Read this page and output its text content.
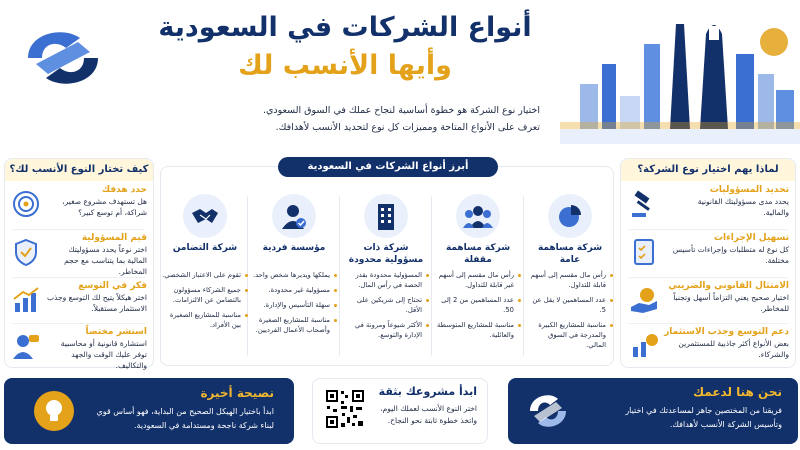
أنواع الشركات في السعودية
وأيها الأنسب لك
اختيار نوع الشركة هو خطوة أساسية لنجاح عملك في السوق السعودي.
تعرف على الأنواع المتاحة ومميزات كل نوع لتحديد الأنسب لأهدافك.
أبرز أنواع الشركات في السعودية
شركة مساهمة عامة
رأس مال مقسم إلى أسهم قابلة للتداول.
عدد المساهمين لا يقل عن 5.
مناسبة للمشاريع الكبيرة والمدرجة في السوق المالي.
شركة مساهمة مقفلة
رأس مال مقسم إلى أسهم غير قابلة للتداول.
عدد المساهمين من 2 إلى 50.
مناسبة للمشاريع المتوسطة والعائلية.
شركة ذات مسؤولية محدودة
المسؤولية محدودة بقدر الحصة في رأس المال.
تحتاج إلى شريكين على الأقل.
الأكثر شيوعاً ومرونة في الإدارة والتوسع.
مؤسسة فردية
يملكها ويديرها شخص واحد.
مسؤولية غير محدودة.
سهلة التأسيس والإدارة.
مناسبة للمشاريع الصغيرة وأصحاب الأعمال الفرديين.
شركة التضامن
تقوم على الاعتبار الشخصي.
جميع الشركاء مسؤولون بالتضامن عن الالتزامات.
مناسبة للمشاريع الصغيرة بين الأفراد.
كيف تختار النوع الأنسب لك؟
حدد هدفك
هل تستهدف مشروع صغير، شراكة، أم توسع كبير؟
قيم المسؤولية
اختر نوعاً يحدد مسؤوليتك المالية بما يتناسب مع حجم المخاطر.
فكر في التوسع
اختر هيكلاً يتيح لك التوسع وجذب الاستثمار مستقبلاً.
استشر مختصاً
استشارة قانونية أو محاسبية توفر عليك الوقت والجهد والتكاليف.
لماذا يهم اختيار نوع الشركة؟
تحديد المسؤوليات
يحدد مدى مسؤوليتك القانونية والمالية.
تسهيل الإجراءات
كل نوع له متطلبات وإجراءات تأسيس مختلفة.
الامتثال القانوني والضريبي
اختيار صحيح يعني التزاماً أسهل وتجنباً للمخاطر.
دعم التوسع وجذب الاستثمار
بعض الأنواع أكثر جاذبية للمستثمرين والشركاء.
نصيحة أخيرة
ابدأ باختيار الهيكل الصحيح من البداية، فهو أساس قوي لبناء شركة ناجحة ومستدامة في السعودية.
ابدأ مشروعك بثقة
اختر النوع الأنسب لعملك اليوم، واتخذ خطوة ثابتة نحو النجاح.
نحن هنا لدعمك
فريقنا من المختصين جاهز لمساعدتك في اختيار وتأسيس الشركة الأنسب لأهدافك.
